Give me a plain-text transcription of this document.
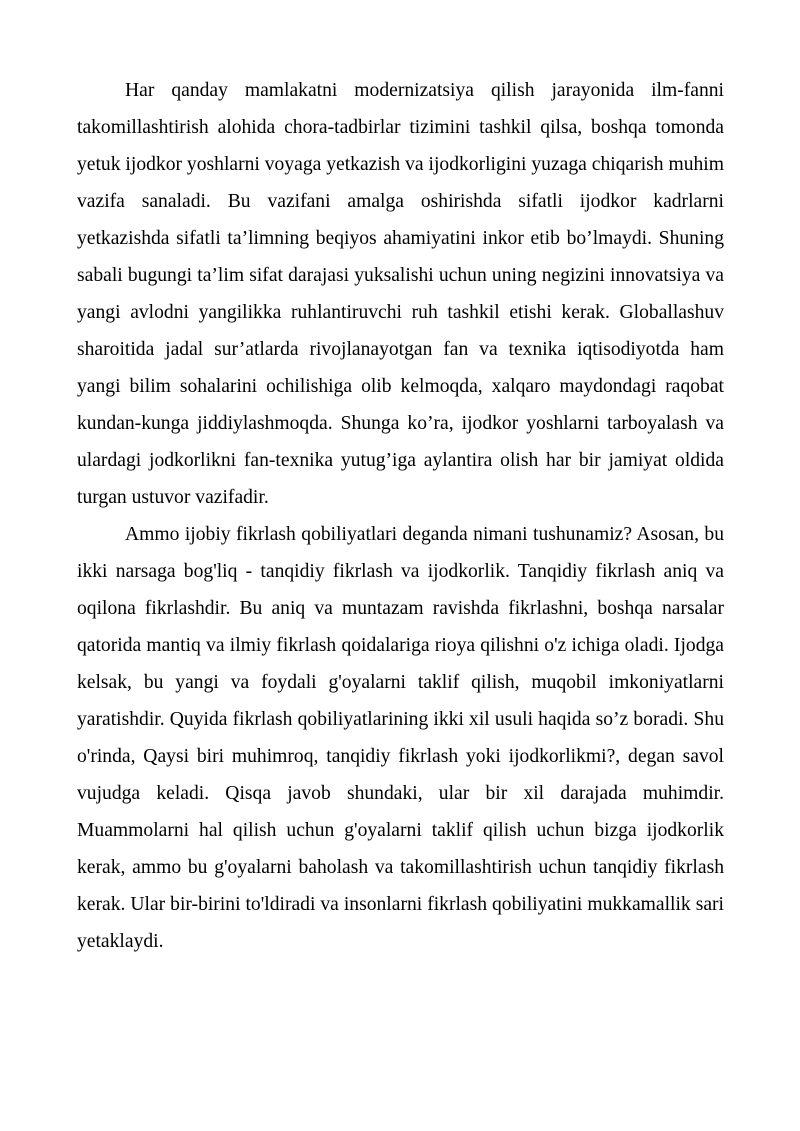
Har qanday mamlakatni modernizatsiya qilish jarayonida ilm-fanni takomillashtirish alohida chora-tadbirlar tizimini tashkil qilsa, boshqa tomonda yetuk ijodkor yoshlarni voyaga yetkazish va ijodkorligini yuzaga chiqarish muhim vazifa sanaladi. Bu vazifani amalga oshirishda sifatli ijodkor kadrlarni yetkazishda sifatli ta’limning beqiyos ahamiyatini inkor etib bo’lmaydi. Shuning sabali bugungi ta’lim sifat darajasi yuksalishi uchun uning negizini innovatsiya va yangi avlodni yangilikka ruhlantiruvchi ruh tashkil etishi kerak. Globallashuv sharoitida jadal sur’atlarda rivojlanayotgan fan va texnika iqtisodiyotda ham yangi bilim sohalarini ochilishiga olib kelmoqda, xalqaro maydondagi raqobat kundan-kunga jiddiylashmoqda. Shunga ko’ra, ijodkor yoshlarni tarboyalash va ulardagi jodkorlikni fan-texnika yutug’iga aylantira olish har bir jamiyat oldida turgan ustuvor vazifadir.

Ammo ijobiy fikrlash qobiliyatlari deganda nimani tushunamiz? Asosan, bu ikki narsaga bog'liq - tanqidiy fikrlash va ijodkorlik. Tanqidiy fikrlash aniq va oqilona fikrlashdir. Bu aniq va muntazam ravishda fikrlashni, boshqa narsalar qatorida mantiq va ilmiy fikrlash qoidalariga rioya qilishni o'z ichiga oladi. Ijodga kelsak, bu yangi va foydali g'oyalarni taklif qilish, muqobil imkoniyatlarni yaratishdir. Quyida fikrlash qobiliyatlarining ikki xil usuli haqida so’z boradi. Shu o'rinda, Qaysi biri muhimroq, tanqidiy fikrlash yoki ijodkorlikmi?, degan savol vujudga keladi. Qisqa javob shundaki, ular bir xil darajada muhimdir. Muammolarni hal qilish uchun g'oyalarni taklif qilish uchun bizga ijodkorlik kerak, ammo bu g'oyalarni baholash va takomillashtirish uchun tanqidiy fikrlash kerak. Ular bir-birini to'ldiradi va insonlarni fikrlash qobiliyatini mukkamallik sari yetaklaydi.
